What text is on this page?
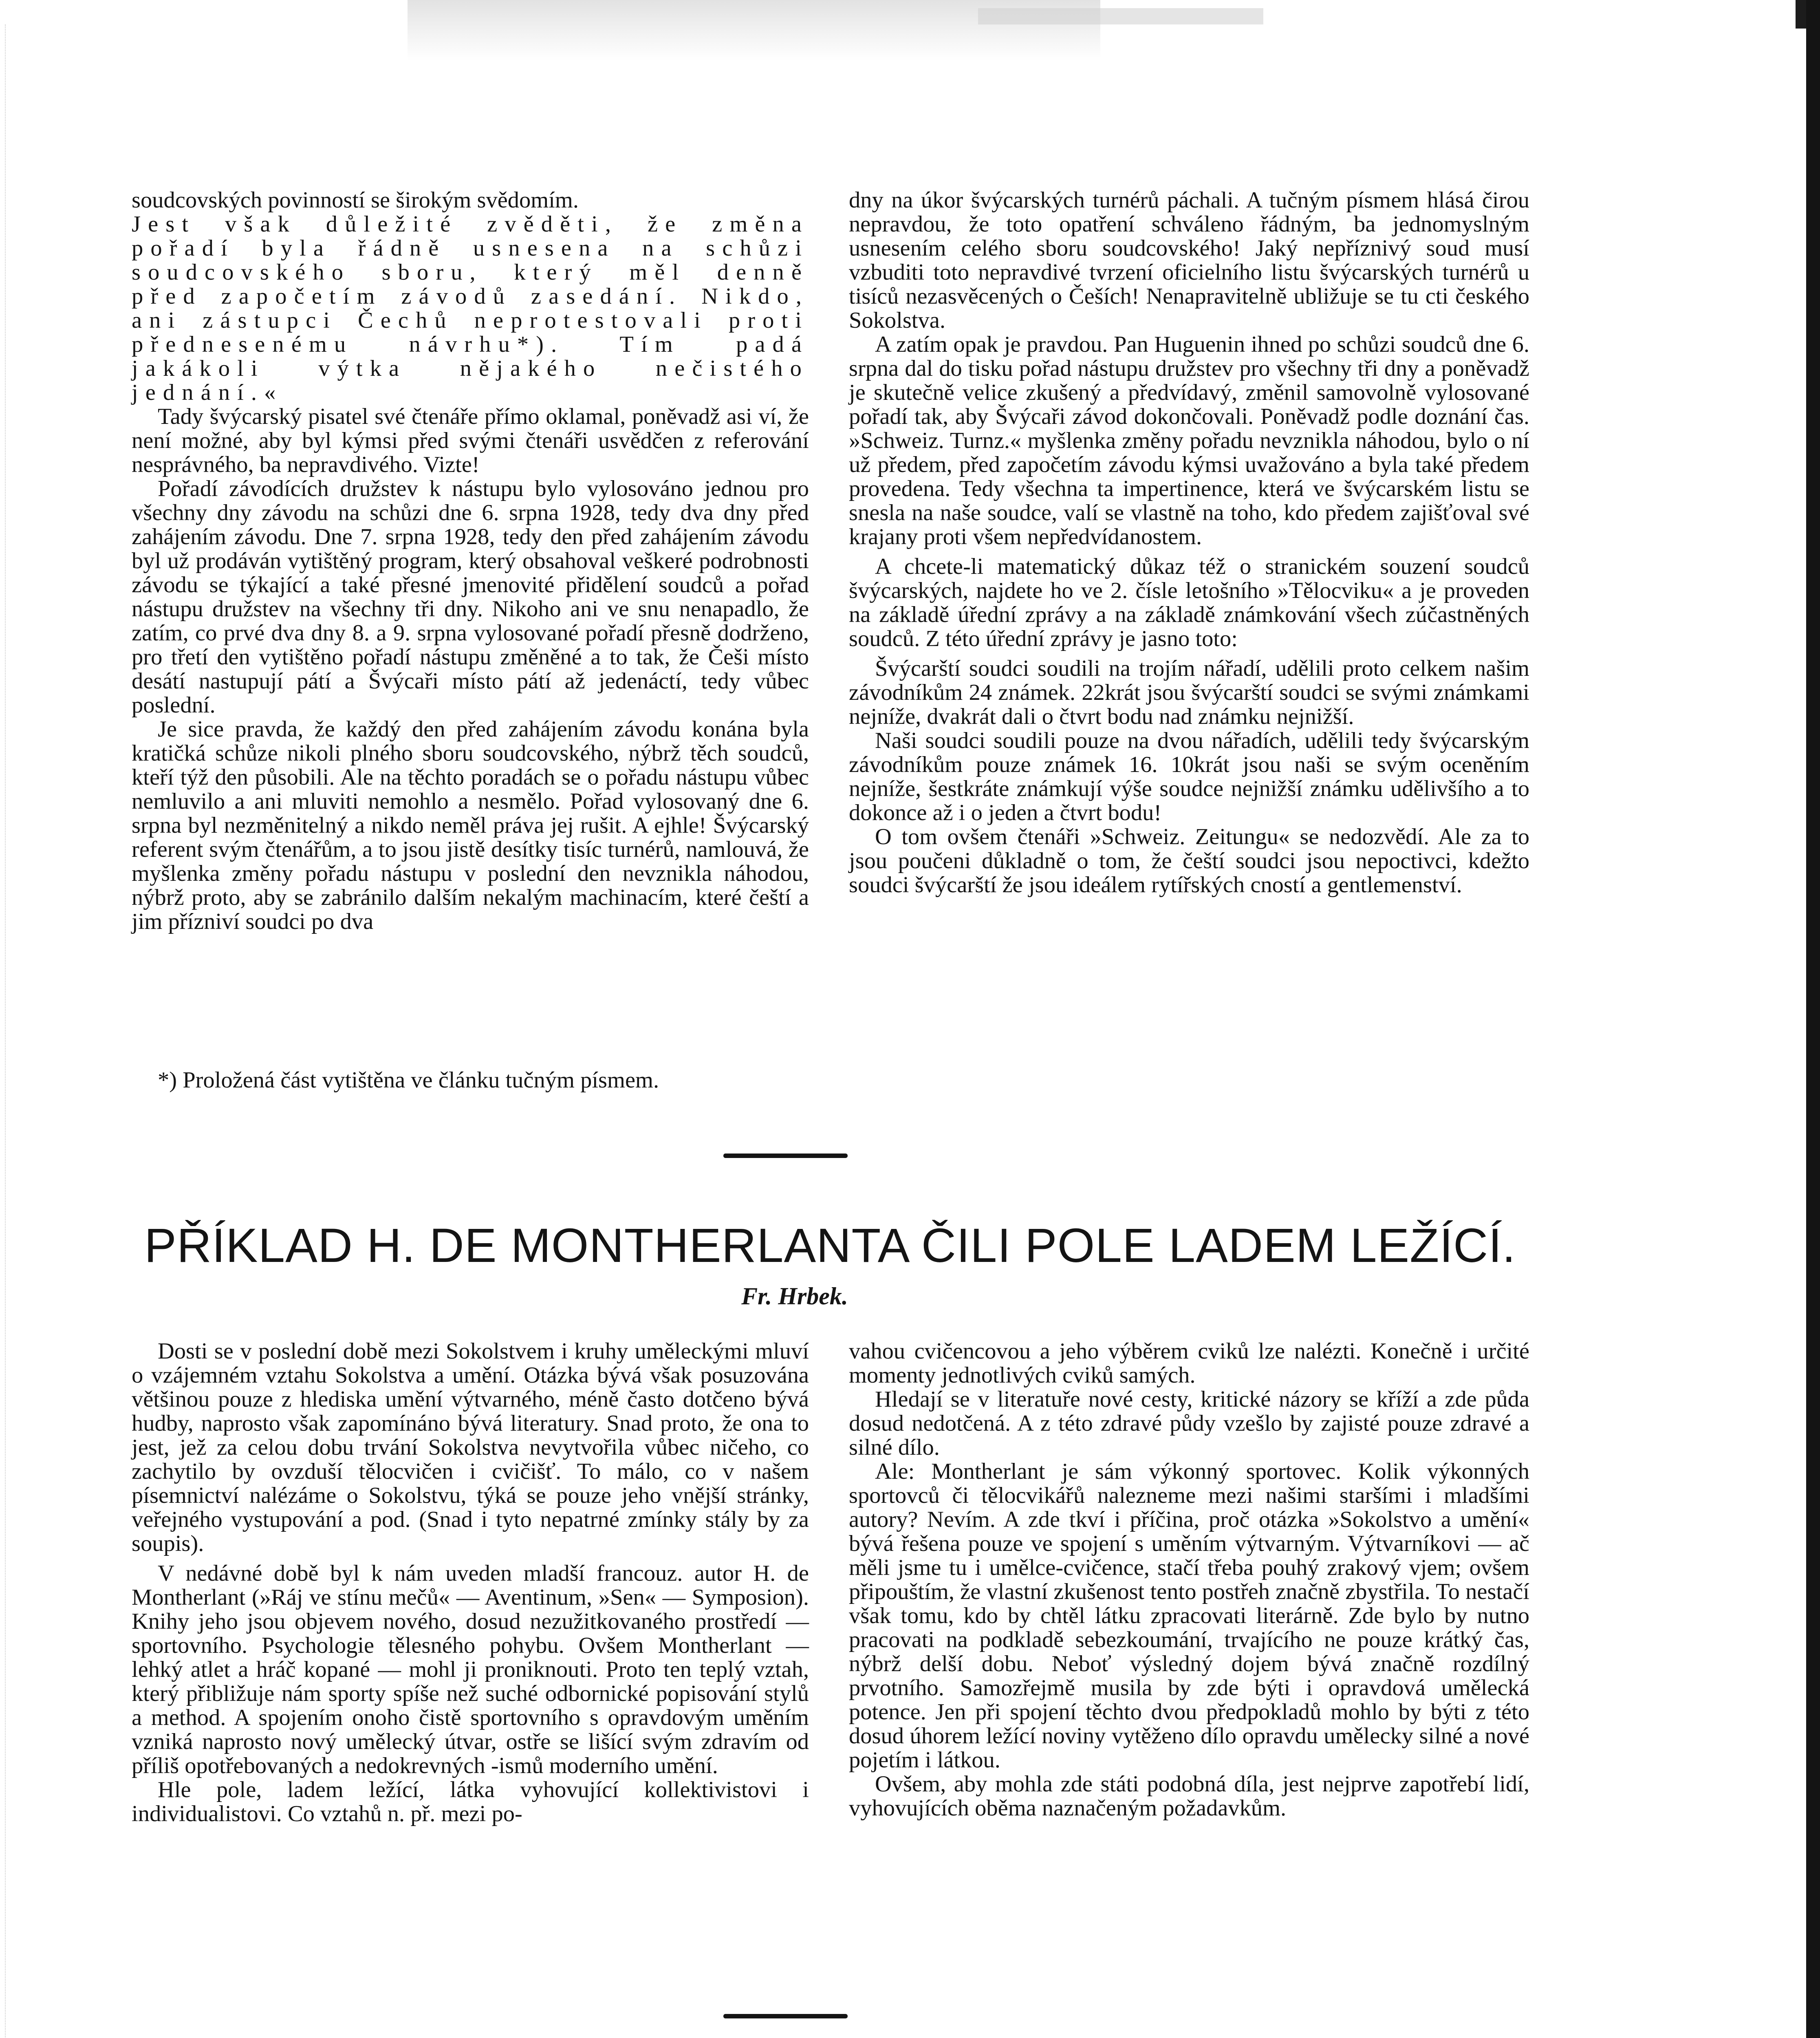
soudcovských povinností se širokým svědomím.

Jest však důležité zvěděti, že změna pořadí byla řádně usnesena na schůzi soudcovského sboru, který měl denně před započetím závodů zasedání. Nikdo, ani zástupci Čechů neprotestovali proti přednesenému návrhu*). Tím padá jakákoli výtka nějakého nečistého jednání.«

Tady švýcarský pisatel své čtenáře přímo oklamal, poněvadž asi ví, že není možné, aby byl kýmsi před svými čtenáři usvědčen z referování nesprávného, ba nepravdivého. Vizte!

Pořadí závodících družstev k nástupu bylo vylosováno jednou pro všechny dny závodu na schůzi dne 6. srpna 1928, tedy dva dny před zahájením závodu. Dne 7. srpna 1928, tedy den před zahájením závodu byl už prodáván vytištěný program, který obsahoval veškeré podrobnosti závodu se týkající a také přesné jmenovité přidělení soudců a pořad nástupu družstev na všechny tři dny. Nikoho ani ve snu nenapadlo, že zatím, co prvé dva dny 8. a 9. srpna vylosované pořadí přesně dodrženo, pro třetí den vytištěno pořadí nástupu změněné a to tak, že Češi místo desátí nastupují pátí a Švýcaři místo pátí až jedenáctí, tedy vůbec poslední.

Je sice pravda, že každý den před zahájením závodu konána byla kratičká schůze nikoli plného sboru soudcovského, nýbrž těch soudců, kteří týž den působili. Ale na těchto poradách se o pořadu nástupu vůbec nemluvilo a ani mluviti nemohlo a nesmělo. Pořad vylosovaný dne 6. srpna byl nezměnitelný a nikdo neměl práva jej rušit. A ejhle! Švýcarský referent svým čtenářům, a to jsou jistě desítky tisíc turnérů, namlouvá, že myšlenka změny pořadu nástupu v poslední den nevznikla náhodou, nýbrž proto, aby se zabránilo dalším nekalým machinacím, které čeští a jim přízniví soudci po dva

*) Proložená část vytištěna ve článku tučným písmem.

dny na úkor švýcarských turnérů páchali. A tučným písmem hlásá čirou nepravdou, že toto opatření schváleno řádným, ba jednomyslným usnesením celého sboru soudcovského! Jaký nepříznivý soud musí vzbuditi toto nepravdivé tvrzení oficielního listu švýcarských turnérů u tisíců nezasvěcených o Češích! Nenapravitelně ubližuje se tu cti českého Sokolstva.

A zatím opak je pravdou. Pan Huguenin ihned po schůzi soudců dne 6. srpna dal do tisku pořad nástupu družstev pro všechny tři dny a poněvadž je skutečně velice zkušený a předvídavý, změnil samovolně vylosované pořadí tak, aby Švýcaři závod dokončovali. Poněvadž podle doznání čas. »Schweiz. Turnz.« myšlenka změny pořadu nevznikla náhodou, bylo o ní už předem, před započetím závodu kýmsi uvažováno a byla také předem provedena. Tedy všechna ta impertinence, která ve švýcarském listu se snesla na naše soudce, valí se vlastně na toho, kdo předem zajišťoval své krajany proti všem nepředvídanostem.

A chcete-li matematický důkaz též o stranickém souzení soudců švýcarských, najdete ho ve 2. čísle letošního »Tělocviku« a je proveden na základě úřední zprávy a na základě známkování všech zúčastněných soudců. Z této úřední zprávy je jasno toto:

Švýcarští soudci soudili na trojím nářadí, udělili proto celkem našim závodníkům 24 známek. 22krát jsou švýcarští soudci se svými známkami nejníže, dvakrát dali o čtvrt bodu nad známku nejnižší.

Naši soudci soudili pouze na dvou nářadích, udělili tedy švýcarským závodníkům pouze známek 16. 10krát jsou naši se svým oceněním nejníže, šestkráte známkují výše soudce nejnižší známku udělivšího a to dokonce až i o jeden a čtvrt bodu!

O tom ovšem čtenáři »Schweiz. Zeitungu« se nedozvědí. Ale za to jsou poučeni důkladně o tom, že čeští soudci jsou nepoctivci, kdežto soudci švýcarští že jsou ideálem rytířských cností a gentlemenství.

PŘÍKLAD H. DE MONTHERLANTA ČILI POLE LADEM LEŽÍCÍ.
Fr. Hrbek.

Dosti se v poslední době mezi Sokolstvem i kruhy uměleckými mluví o vzájemném vztahu Sokolstva a umění. Otázka bývá však posuzována většinou pouze z hlediska umění výtvarného, méně často dotčeno bývá hudby, naprosto však zapomínáno bývá literatury. Snad proto, že ona to jest, jež za celou dobu trvání Sokolstva nevytvořila vůbec ničeho, co zachytilo by ovzduší tělocvičen i cvičišť. To málo, co v našem písemnictví nalézáme o Sokolstvu, týká se pouze jeho vnější stránky, veřejného vystupování a pod. (Snad i tyto nepatrné zmínky stály by za soupis).

V nedávné době byl k nám uveden mladší francouz. autor H. de Montherlant (»Ráj ve stínu mečů« — Aventinum, »Sen« — Symposion). Knihy jeho jsou objevem nového, dosud nezužitkovaného prostředí — sportovního. Psychologie tělesného pohybu. Ovšem Montherlant — lehký atlet a hráč kopané — mohl ji proniknouti. Proto ten teplý vztah, který přibližuje nám sporty spíše než suché odbornické popisování stylů a method. A spojením onoho čistě sportovního s opravdovým uměním vzniká naprosto nový umělecký útvar, ostře se lišící svým zdravím od příliš opotřebovaných a nedokrevných -ismů moderního umění.

Hle pole, ladem ležící, látka vyhovující kollektivistovi i individualistovi. Co vztahů n. př. mezi po-

vahou cvičencovou a jeho výběrem cviků lze nalézti. Konečně i určité momenty jednotlivých cviků samých.

Hledají se v literatuře nové cesty, kritické názory se kříží a zde půda dosud nedotčená. A z této zdravé půdy vzešlo by zajisté pouze zdravé a silné dílo.

Ale: Montherlant je sám výkonný sportovec. Kolik výkonných sportovců či tělocvikářů nalezneme mezi našimi staršími i mladšími autory? Nevím. A zde tkví i příčina, proč otázka »Sokolstvo a umění« bývá řešena pouze ve spojení s uměním výtvarným. Výtvarníkovi — ač měli jsme tu i umělce-cvičence, stačí třeba pouhý zrakový vjem; ovšem připouštím, že vlastní zkušenost tento postřeh značně zbystřila. To nestačí však tomu, kdo by chtěl látku zpracovati literárně. Zde bylo by nutno pracovati na podkladě sebezkoumání, trvajícího ne pouze krátký čas, nýbrž delší dobu. Neboť výsledný dojem bývá značně rozdílný prvotního. Samozřejmě musila by zde býti i opravdová umělecká potence. Jen při spojení těchto dvou předpokladů mohlo by býti z této dosud úhorem ležící noviny vytěženo dílo opravdu umělecky silné a nové pojetím i látkou.

Ovšem, aby mohla zde státi podobná díla, jest nejprve zapotřebí lidí, vyhovujících oběma naznačeným požadavkům.
